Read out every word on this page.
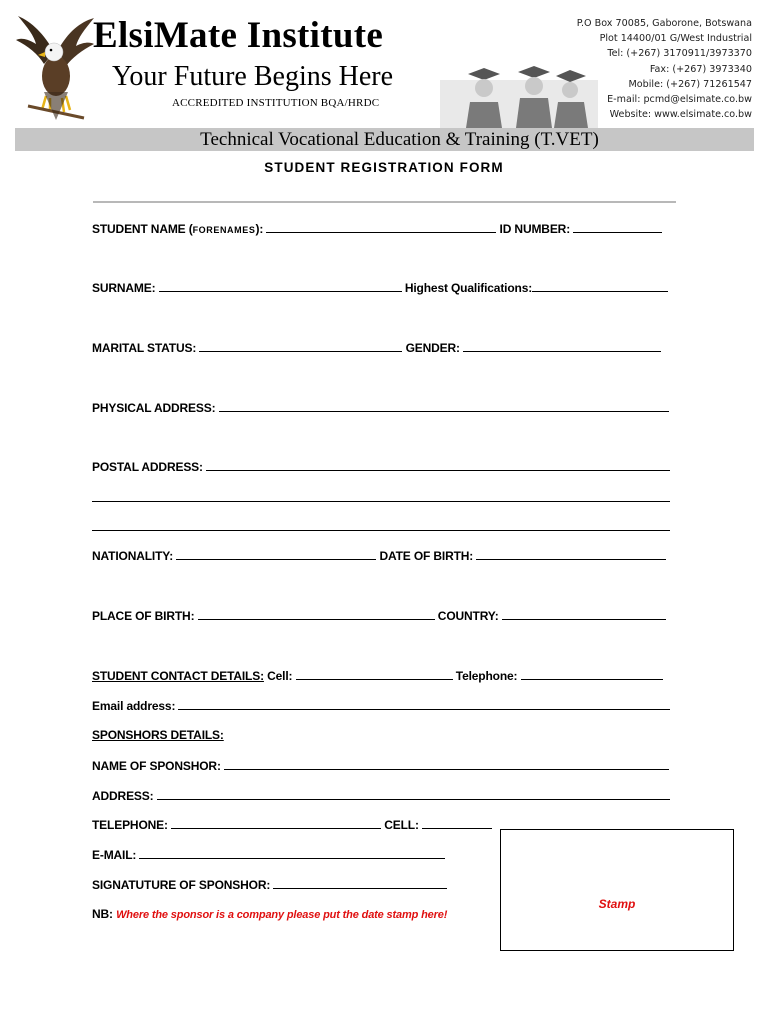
ElsiMate Institute
Your Future Begins Here
ACCREDITED INSTITUTION BQA/HRDC
P.O Box 70085, Gaborone, Botswana
Plot 14400/01 G/West Industrial
Tel: (+267) 3170911/3973370
Fax: (+267) 3973340
Mobile: (+267) 71261547
E-mail: pcmd@elsimate.co.bw
Website: www.elsimate.co.bw
Technical Vocational Education & Training (T.VET)
STUDENT REGISTRATION FORM
STUDENT NAME (FORENAMES):	ID NUMBER:
SURNAME:	Highest Qualifications:
MARITAL STATUS:	GENDER:
PHYSICAL ADDRESS:
POSTAL ADDRESS:
NATIONALITY:	DATE OF BIRTH:
PLACE OF BIRTH:	COUNTRY:
STUDENT CONTACT DETAILS: Cell:	Telephone:
Email address:
SPONSHORS DETAILS:
NAME OF SPONSHOR:
ADDRESS:
TELEPHONE:	CELL:
E-MAIL:
SIGNATUTURE OF SPONSHOR:
NB: Where the sponsor is a company please put the date stamp here!
Stamp
